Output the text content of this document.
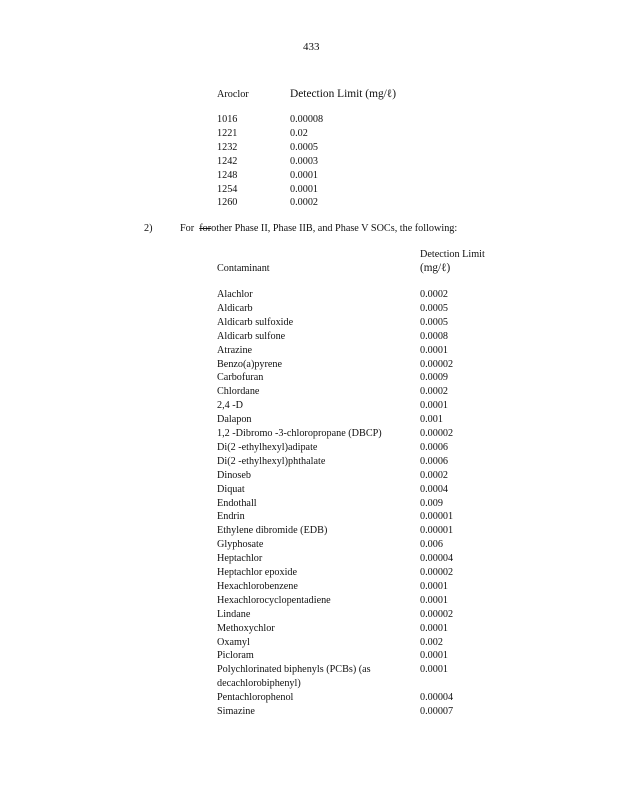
433
Aroclor	Detection Limit (mg/ℓ)
1016	0.00008
1221	0.02
1232	0.0005
1242	0.0003
1248	0.0001
1254	0.0001
1260	0.0002
2)	For forother Phase II, Phase IIB, and Phase V SOCs, the following:
Detection Limit
(mg/ℓ)
Contaminant
Alachlor	0.0002
Aldicarb	0.0005
Aldicarb sulfoxide	0.0005
Aldicarb sulfone	0.0008
Atrazine	0.0001
Benzo(a)pyrene	0.00002
Carbofuran	0.0009
Chlordane	0.0002
2,4 -D	0.0001
Dalapon	0.001
1,2 -Dibromo -3-chloropropane (DBCP)	0.00002
Di(2 -ethylhexyl)adipate	0.0006
Di(2 -ethylhexyl)phthalate	0.0006
Dinoseb	0.0002
Diquat	0.0004
Endothall	0.009
Endrin	0.00001
Ethylene dibromide (EDB)	0.00001
Glyphosate	0.006
Heptachlor	0.00004
Heptachlor epoxide	0.00002
Hexachlorobenzene	0.0001
Hexachlorocyclopentadiene	0.0001
Lindane	0.00002
Methoxychlor	0.0001
Oxamyl	0.002
Picloram	0.0001
Polychlorinated biphenyls (PCBs) (as decachlorobiphenyl)
0.0001
Pentachlorophenol	0.00004
Simazine	0.00007
